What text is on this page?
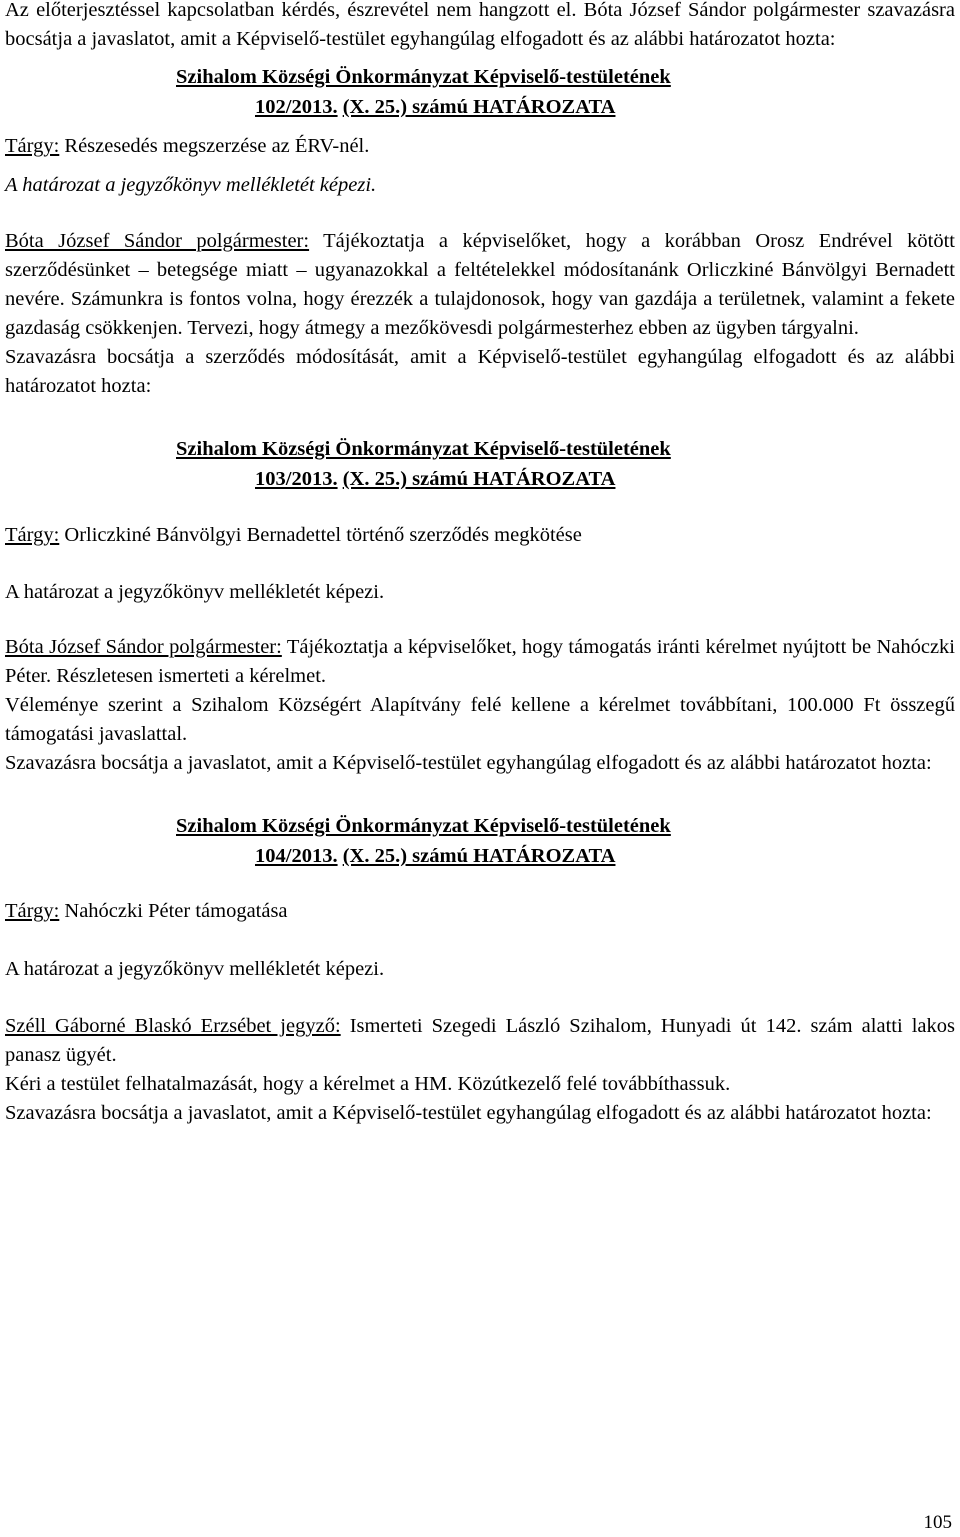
Az előterjesztéssel kapcsolatban kérdés, észrevétel nem hangzott el. Bóta József Sándor polgármester szavazásra bocsátja a javaslatot, amit a Képviselő-testület egyhangúlag elfogadott és az alábbi határozatot hozta:

Szihalom Községi Önkormányzat Képviselő-testületének
102/2013. (X. 25.) számú HATÁROZATA

Tárgy: Részesedés megszerzése az ÉRV-nél.

A határozat a jegyzőkönyv mellékletét képezi.

Bóta József Sándor polgármester: Tájékoztatja a képviselőket, hogy a korábban Orosz Endrével kötött szerződésünket – betegsége miatt – ugyanazokkal a feltételekkel módosítanánk Orliczkiné Bánvölgyi Bernadett nevére. Számunkra is fontos volna, hogy érezzék a tulajdonosok, hogy van gazdája a területnek, valamint a fekete gazdaság csökkenjen. Tervezi, hogy átmegy a mezőkövesdi polgármesterhez ebben az ügyben tárgyalni.

Szavazásra bocsátja a szerződés módosítását, amit a Képviselő-testület egyhangúlag elfogadott és az alábbi határozatot hozta:

Szihalom Községi Önkormányzat Képviselő-testületének
103/2013. (X. 25.) számú HATÁROZATA

Tárgy: Orliczkiné Bánvölgyi Bernadettel történő szerződés megkötése

A határozat a jegyzőkönyv mellékletét képezi.

Bóta József Sándor polgármester: Tájékoztatja a képviselőket, hogy támogatás iránti kérelmet nyújtott be Nahóczki Péter. Részletesen ismerteti a kérelmet.

Véleménye szerint a Szihalom Községért Alapítvány felé kellene a kérelmet továbbítani, 100.000 Ft összegű támogatási javaslattal.

Szavazásra bocsátja a javaslatot, amit a Képviselő-testület egyhangúlag elfogadott és az alábbi határozatot hozta:

Szihalom Községi Önkormányzat Képviselő-testületének
104/2013. (X. 25.) számú HATÁROZATA

Tárgy: Nahóczki Péter támogatása

A határozat a jegyzőkönyv mellékletét képezi.

Széll Gáborné Blaskó Erzsébet jegyző: Ismerteti Szegedi László Szihalom, Hunyadi út 142. szám alatti lakos panasz ügyét.

Kéri a testület felhatalmazását, hogy a kérelmet a HM. Közútkezelő felé továbbíthassuk.

Szavazásra bocsátja a javaslatot, amit a Képviselő-testület egyhangúlag elfogadott és az alábbi határozatot hozta:

105
